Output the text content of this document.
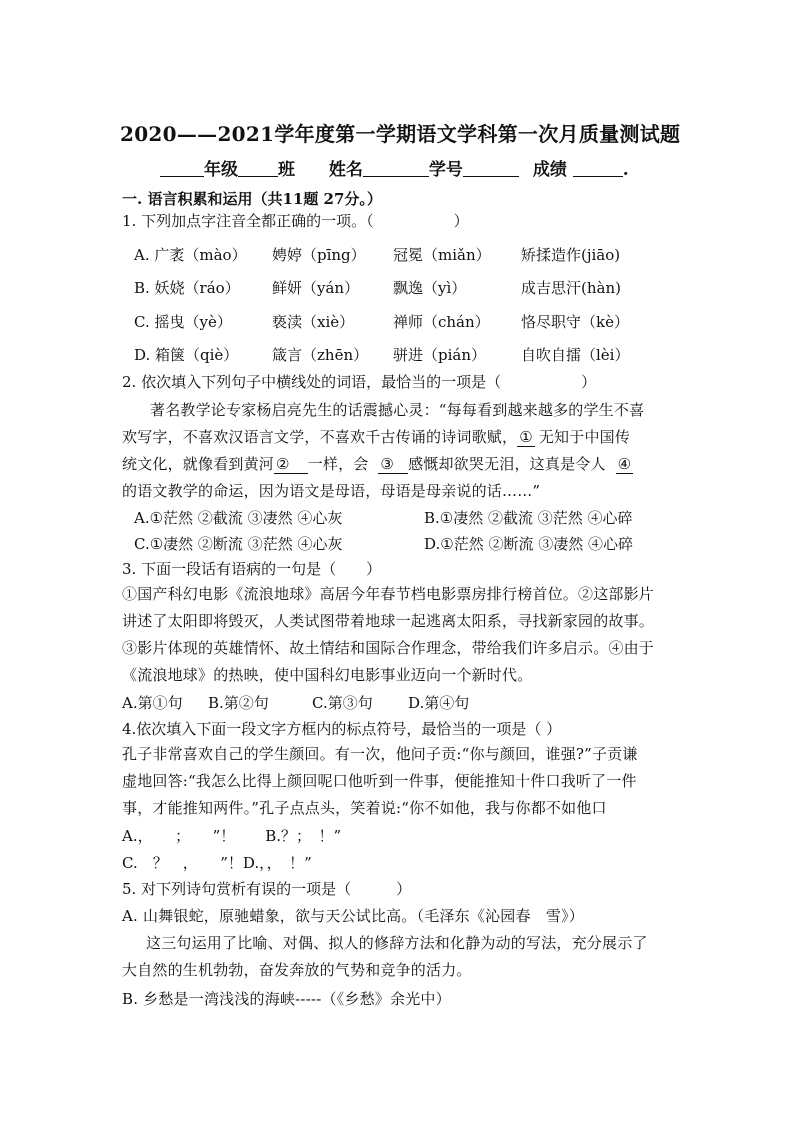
2020——2021学年度第一学期语文学科第一次月质量测试题
年级 班 姓名	学号	成绩	.
一. 语言积累和运用（共11题 27分。）
1. 下列加点字注音全都正确的一项。（	）
A. 广袤（mào） 娉婷（pīng） 冠冕（miǎn） 矫揉造作(jiāo)
B. 妖娆（ráo） 鲜妍（yán） 飘逸（yì）	成吉思汗(hàn)
C. 摇曳（yè）	亵渎（xiè）	禅师（chán） 恪尽职守（kè）
D. 箱箧（qiè） 箴言（zhēn） 骈进（pián） 自吹自擂（lèi）
2. 依次填入下列句子中横线处的词语，最恰当的一项是（	）
著名教学论专家杨启亮先生的话震撼心灵：“每每看到越来越多的学生不喜
欢写字，不喜欢汉语言文学，不喜欢千古传诵的诗词歌赋， ① 无知于中国传
统文化，就像看到黄河 ② 一样，会 ③ 感慨却欲哭无泪，这真是令人 ④
的语文教学的命运，因为语文是母语，母语是母亲说的话……”
A.①茫然 ②截流 ③凄然 ④心灰	B.①凄然 ②截流 ③茫然 ④心碎
C.①凄然 ②断流 ③茫然 ④心灰	D.①茫然 ②断流 ③凄然 ④心碎
3. 下面一段话有语病的一句是（　　）
①国产科幻电影《流浪地球》高居今年春节档电影票房排行榜首位。②这部影片
讲述了太阳即将毁灭，人类试图带着地球一起逃离太阳系，寻找新家园的故事。
③影片体现的英雄情怀、故土情结和国际合作理念，带给我们许多启示。④由于
《流浪地球》的热映，使中国科幻电影事业迈向一个新时代。
A.第①句 B.第②句	C.第③句 D.第④句
4.依次填入下面一段文字方框内的标点符号，最恰当的一项是（ ）
孔子非常喜欢自己的学生颜回。有一次，他问子贡:“你与颜回，谁强?”子贡谦
虚地回答:“我怎么比得上颜回呢口他听到一件事，便能推知十件口我听了一件
事，才能推知两件。”孔子点点头，笑着说:“你不如他，我与你都不如他口
A.，　　；　　”！　　B.？；　！”
C.　？　，　　”！D.，，　！”
5. 对下列诗句赏析有误的一项是（　　　）
A. 山舞银蛇，原驰蜡象，欲与天公试比高。（毛泽东《沁园春　雪》）
这三句运用了比喻、对偶、拟人的修辞方法和化静为动的写法，充分展示了
大自然的生机勃勃，奋发奔放的气势和竞争的活力。
B. 乡愁是一湾浅浅的海峡-----（《乡愁》余光中）
